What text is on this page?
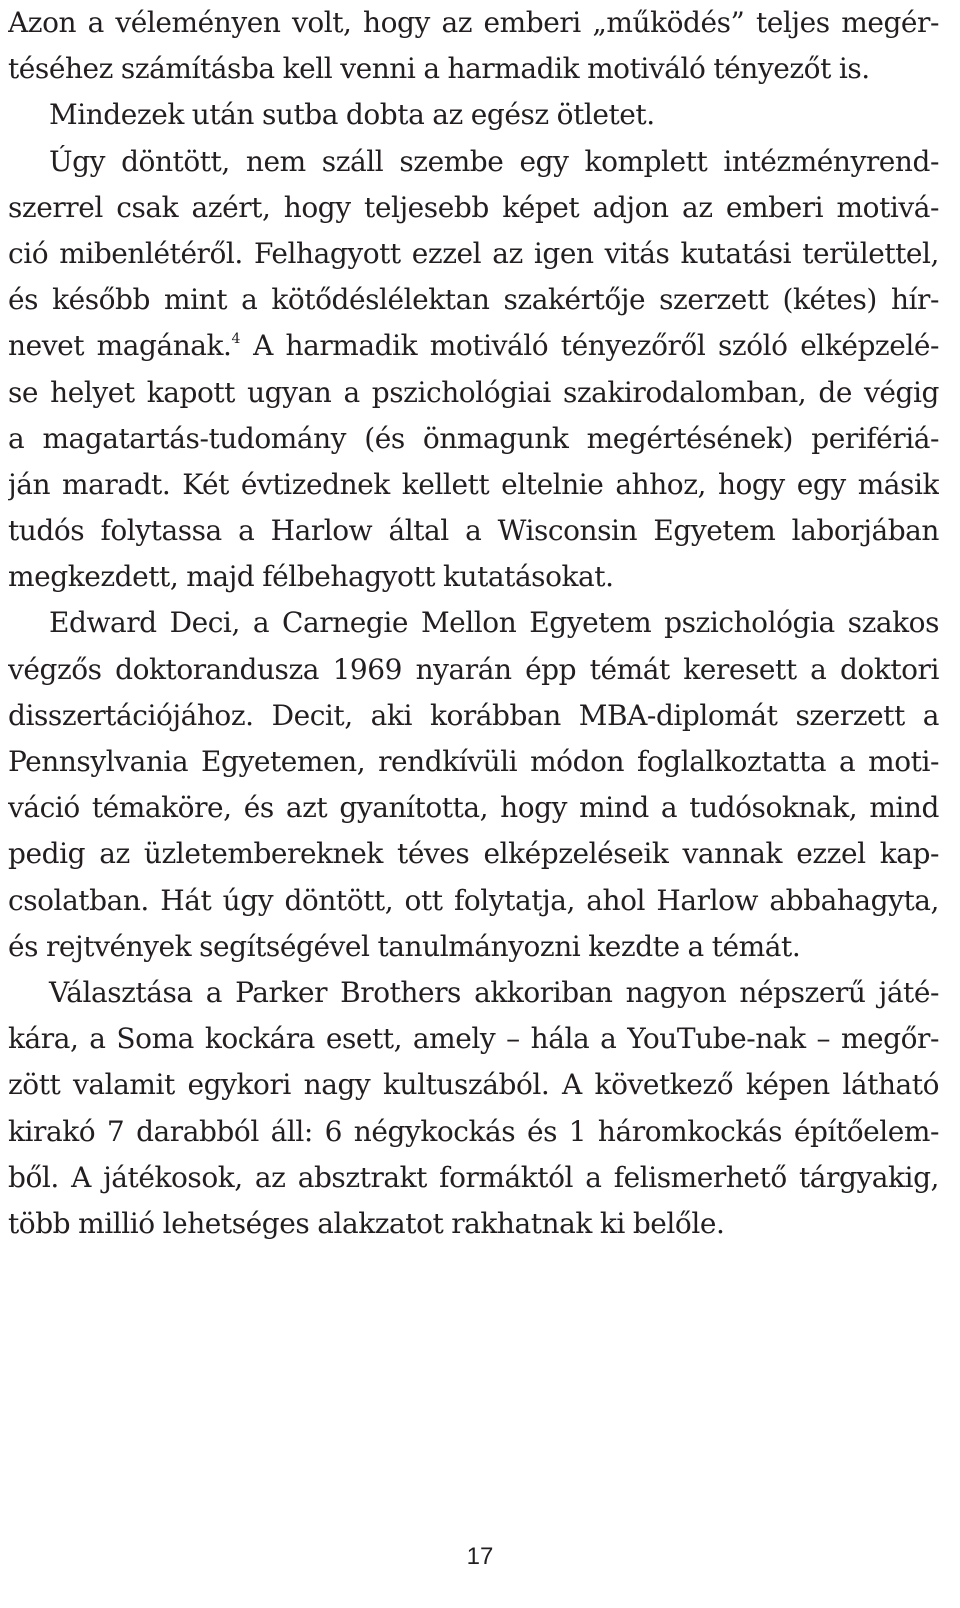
Azon a véleményen volt, hogy az emberi „működés” teljes megér-
téséhez számításba kell venni a harmadik motiváló tényezőt is.
Mindezek után sutba dobta az egész ötletet.
Úgy döntött, nem száll szembe egy komplett intézményrend-
szerrel csak azért, hogy teljesebb képet adjon az emberi motivá-
ció mibenlétéről. Felhagyott ezzel az igen vitás kutatási területtel,
és később mint a kötődéslélektan szakértője szerzett (kétes) hír-
nevet magának.$^4$ A harmadik motiváló tényezőről szóló elképzelé-
se helyet kapott ugyan a pszichológiai szakirodalomban, de végig
a magatartás-tudomány (és önmagunk megértésének) perifériá-
ján maradt. Két évtizednek kellett eltelnie ahhoz, hogy egy másik
tudós folytassa a Harlow által a Wisconsin Egyetem laborjában
megkezdett, majd félbehagyott kutatásokat.
Edward Deci, a Carnegie Mellon Egyetem pszichológia szakos
végzős doktorandusza 1969 nyarán épp témát keresett a doktori
disszertációjához. Decit, aki korábban MBA-diplomát szerzett a
Pennsylvania Egyetemen, rendkívüli módon foglalkoztatta a moti-
váció témaköre, és azt gyanította, hogy mind a tudósoknak, mind
pedig az üzletembereknek téves elképzeléseik vannak ezzel kap-
csolatban. Hát úgy döntött, ott folytatja, ahol Harlow abbahagyta,
és rejtvények segítségével tanulmányozni kezdte a témát.
Választása a Parker Brothers akkoriban nagyon népszerű játé-
kára, a Soma kockára esett, amely – hála a YouTube-nak – megőr-
zött valamit egykori nagy kultuszából. A következő képen látható
kirakó 7 darabból áll: 6 négykockás és 1 háromkockás építőelem-
ből. A játékosok, az absztrakt formáktól a felismerhető tárgyakig,
több millió lehetséges alakzatot rakhatnak ki belőle.
17
